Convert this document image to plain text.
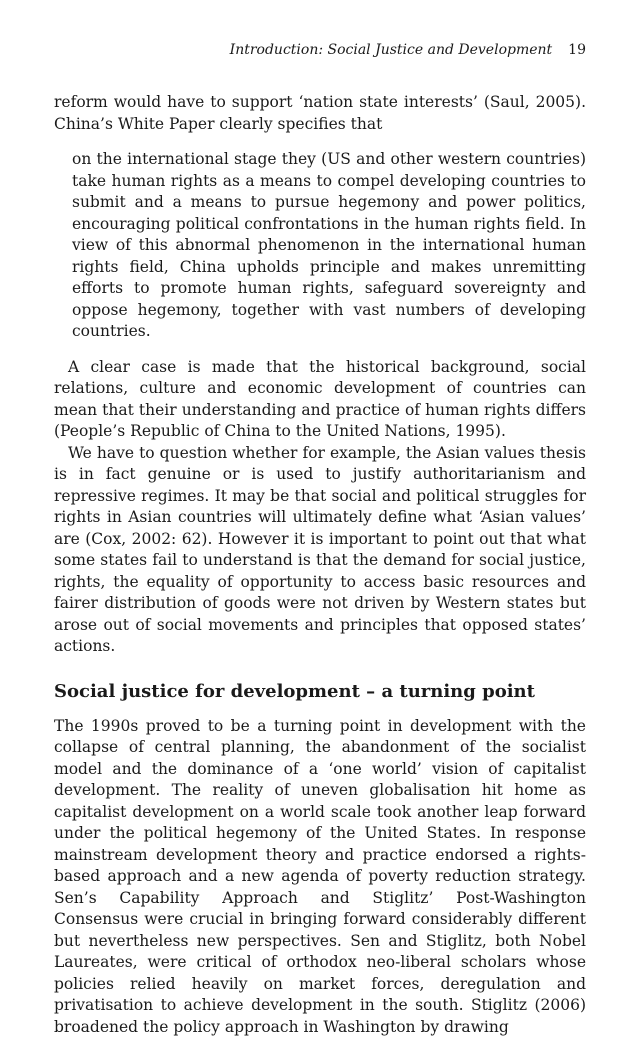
Introduction: Social Justice and Development 19

reform would have to support ‘nation state interests’ (Saul, 2005). China’s White Paper clearly specifies that

on the international stage they (US and other western countries) take human rights as a means to compel developing countries to submit and a means to pursue hegemony and power politics, encouraging political confrontations in the human rights field. In view of this abnormal phenomenon in the international human rights field, China upholds principle and makes unremitting efforts to promote human rights, safeguard sovereignty and oppose hegemony, together with vast numbers of developing countries.

A clear case is made that the historical background, social relations, culture and economic development of countries can mean that their understanding and practice of human rights differs (People’s Republic of China to the United Nations, 1995).

We have to question whether for example, the Asian values thesis is in fact genuine or is used to justify authoritarianism and repressive regimes. It may be that social and political struggles for rights in Asian countries will ultimately define what ‘Asian values’ are (Cox, 2002: 62). However it is important to point out that what some states fail to understand is that the demand for social justice, rights, the equality of opportunity to access basic resources and fairer distribution of goods were not driven by Western states but arose out of social movements and principles that opposed states’ actions.

Social justice for development – a turning point

The 1990s proved to be a turning point in development with the collapse of central planning, the abandonment of the socialist model and the dominance of a ‘one world’ vision of capitalist development. The reality of uneven globalisation hit home as capitalist development on a world scale took another leap forward under the political hegemony of the United States. In response mainstream development theory and practice endorsed a rights-based approach and a new agenda of poverty reduction strategy. Sen’s Capability Approach and Stiglitz’ Post-Washington Consensus were crucial in bringing forward considerably different but nevertheless new perspectives. Sen and Stiglitz, both Nobel Laureates, were critical of orthodox neo-liberal scholars whose policies relied heavily on market forces, deregulation and privatisation to achieve development in the south. Stiglitz (2006) broadened the policy approach in Washington by drawing
